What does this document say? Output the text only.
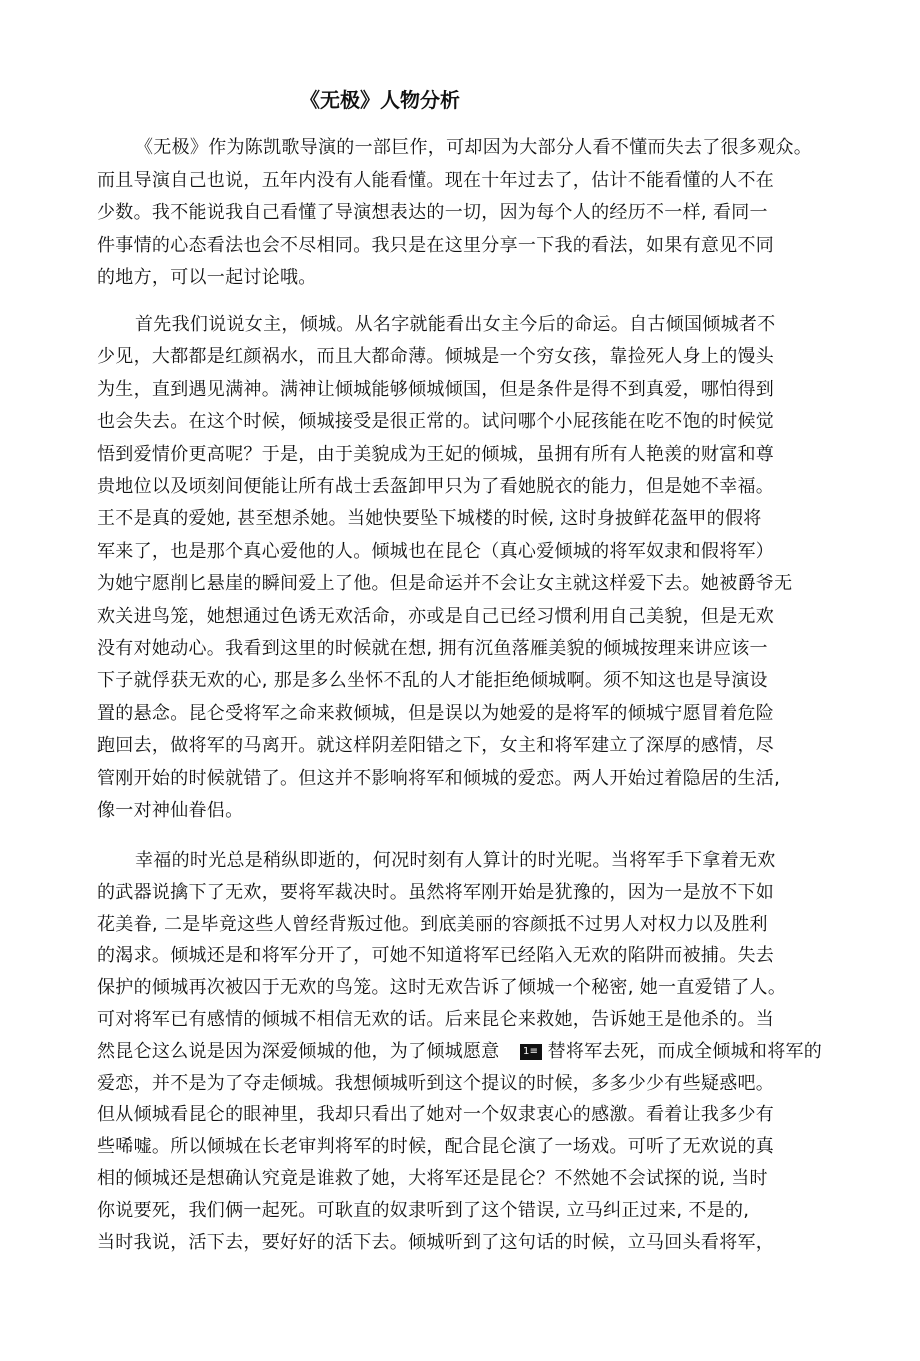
《无极》人物分析
《无极》作为陈凯歌导演的一部巨作，可却因为大部分人看不懂而失去了很多观众。
而且导演自己也说，五年内没有人能看懂。现在十年过去了，估计不能看懂的人不在
少数。我不能说我自己看懂了导演想表达的一切，因为每个人的经历不一样, 看同一
件事情的心态看法也会不尽相同。我只是在这里分享一下我的看法，如果有意见不同
的地方，可以一起讨论哦。
首先我们说说女主，倾城。从名字就能看出女主今后的命运。自古倾国倾城者不
少见，大都都是红颜祸水，而且大都命薄。倾城是一个穷女孩，靠捡死人身上的馒头
为生，直到遇见满神。满神让倾城能够倾城倾国，但是条件是得不到真爱，哪怕得到
也会失去。在这个时候，倾城接受是很正常的。试问哪个小屁孩能在吃不饱的时候觉
悟到爱情价更高呢？于是，由于美貌成为王妃的倾城，虽拥有所有人艳羡的财富和尊
贵地位以及顷刻间便能让所有战士丢盔卸甲只为了看她脱衣的能力，但是她不幸福。
王不是真的爱她, 甚至想杀她。当她快要坠下城楼的时候, 这时身披鲜花盔甲的假将
军来了，也是那个真心爱他的人。倾城也在昆仑（真心爱倾城的将军奴隶和假将军）
为她宁愿削匕悬崖的瞬间爱上了他。但是命运并不会让女主就这样爱下去。她被爵爷无
欢关进鸟笼，她想通过色诱无欢活命，亦或是自己已经习惯利用自己美貌，但是无欢
没有对她动心。我看到这里的时候就在想, 拥有沉鱼落雁美貌的倾城按理来讲应该一
下子就俘获无欢的心, 那是多么坐怀不乱的人才能拒绝倾城啊。须不知这也是导演设
置的悬念。昆仑受将军之命来救倾城，但是误以为她爱的是将军的倾城宁愿冒着危险
跑回去，做将军的马离开。就这样阴差阳错之下，女主和将军建立了深厚的感情，尽
管刚开始的时候就错了。但这并不影响将军和倾城的爱恋。两人开始过着隐居的生活,
像一对神仙眷侣。
幸福的时光总是稍纵即逝的，何况时刻有人算计的时光呢。当将军手下拿着无欢
的武器说擒下了无欢，要将军裁决时。虽然将军刚开始是犹豫的，因为一是放不下如
花美眷, 二是毕竟这些人曾经背叛过他。到底美丽的容颜抵不过男人对权力以及胜利
的渴求。倾城还是和将军分开了，可她不知道将军已经陷入无欢的陷阱而被捕。失去
保护的倾城再次被囚于无欢的鸟笼。这时无欢告诉了倾城一个秘密, 她一直爱错了人。
可对将军已有感情的倾城不相信无欢的话。后来昆仑来救她，告诉她王是他杀的。当
然昆仑这么说是因为深爱倾城的他，为了倾城愿意 1≡ 替将军去死，而成全倾城和将军的
爱恋，并不是为了夺走倾城。我想倾城听到这个提议的时候，多多少少有些疑惑吧。
但从倾城看昆仑的眼神里，我却只看出了她对一个奴隶衷心的感激。看着让我多少有
些唏嘘。所以倾城在长老审判将军的时候，配合昆仑演了一场戏。可听了无欢说的真
相的倾城还是想确认究竟是谁救了她，大将军还是昆仑？不然她不会试探的说, 当时
你说要死，我们俩一起死。可耿直的奴隶听到了这个错误, 立马纠正过来, 不是的,
当时我说，活下去，要好好的活下去。倾城听到了这句话的时候，立马回头看将军，
